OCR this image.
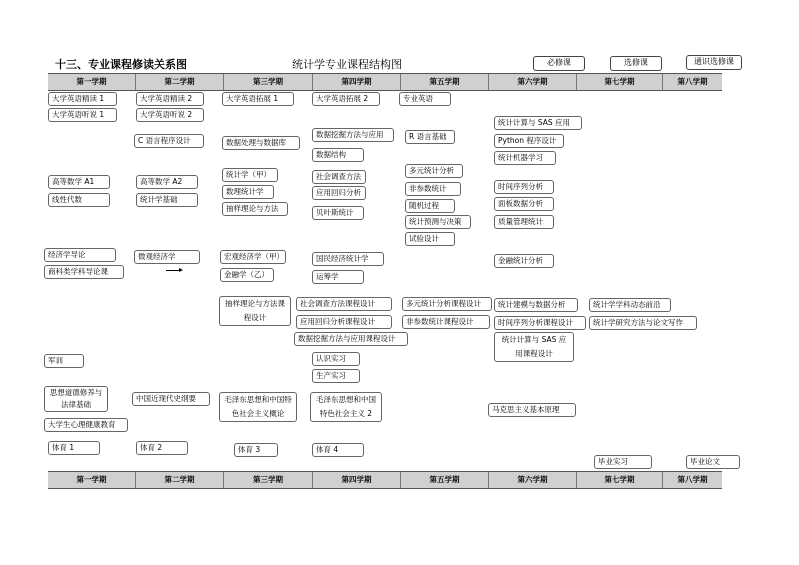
十三、专业课程修读关系图	统计学专业课程结构图	必修课	选修课	通识选修课
第一学期	第二学期	第三学期	第四学期	第五学期	第六学期	第七学期	第八学期
第一学期	第二学期	第三学期	第四学期	第五学期	第六学期	第七学期	第八学期
大学英语精读 1
大学英语听说 1
高等数学 A1
线性代数
经济学导论
商科类学科导论课
军训
思想道德修养与法律基础
大学生心理健康教育
体育 1
大学英语精读 2
大学英语听说 2
C 语言程序设计
高等数学 A2
统计学基础
微观经济学
中国近现代史纲要
体育 2
大学英语拓展 1
数据处理与数据库
统计学（甲）
数理统计学
抽样理论与方法
宏观经济学（甲）
金融学（乙）
抽样理论与方法课程设计
毛泽东思想和中国特色社会主义概论
体育 3
大学英语拓展 2
数据挖掘方法与应用
数据结构
社会调查方法
应用回归分析
贝叶斯统计
国民经济统计学
运筹学
社会调查方法课程设计
应用回归分析课程设计
数据挖掘方法与应用课程设计
认识实习
生产实习
毛泽东思想和中国特色社会主义 2
体育 4
专业英语
R 语言基础
多元统计分析
非参数统计
随机过程
统计预测与决策
试验设计
多元统计分析课程设计
非参数统计课程设计
统计计算与 SAS 应用
Python 程序设计
统计机器学习
时间序列分析
面板数据分析
质量管理统计
金融统计分析
统计建模与数据分析
时间序列分析课程设计
统计计算与 SAS 应用课程设计
马克思主义基本原理
统计学学科动态前沿
统计学研究方法与论文写作
毕业实习	毕业论文
